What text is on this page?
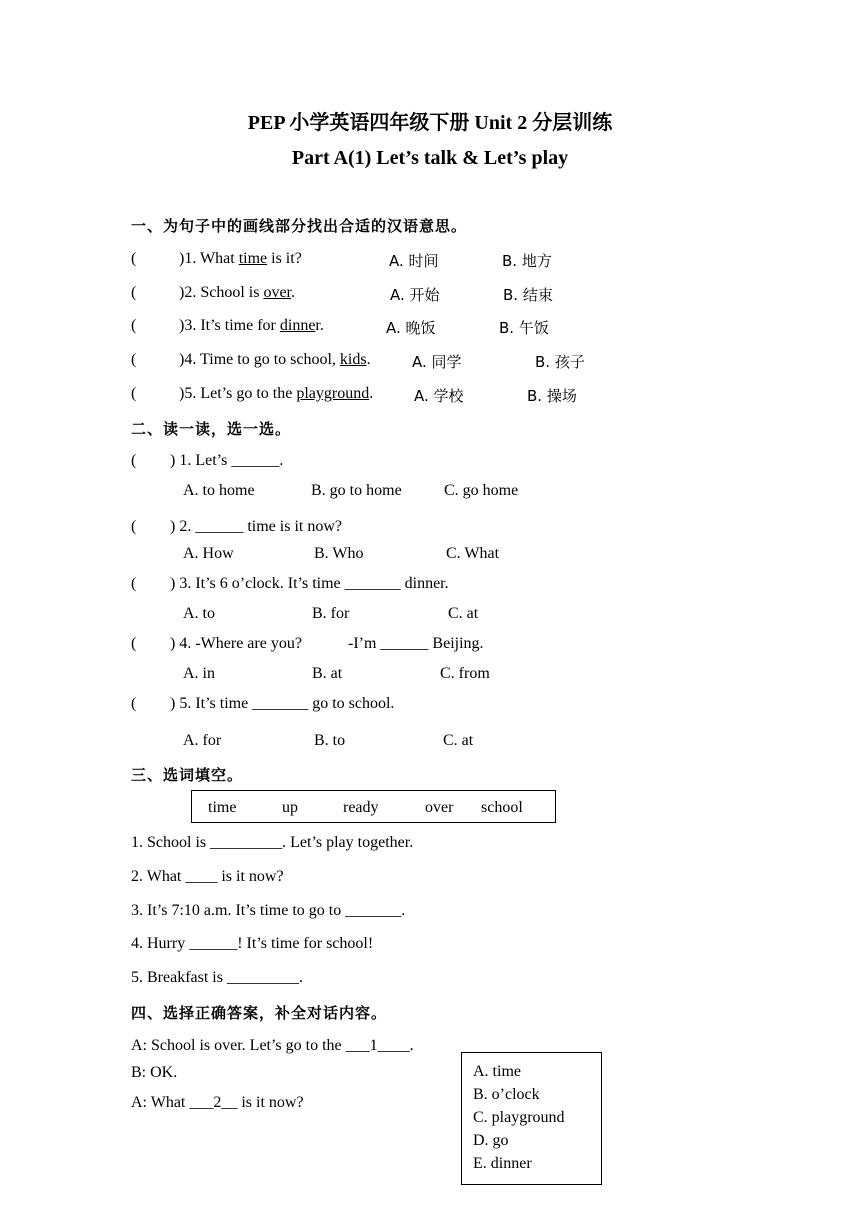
PEP 小学英语四年级下册 Unit 2 分层训练
Part A(1) Let’s talk & Let’s play
一、为句子中的画线部分找出合适的汉语意思。
(	)1. What time is it?	A. 时间	B. 地方
(	)2. School is over.	A. 开始	B. 结束
(	)3. It’s time for dinner.	A. 晚饭	B. 午饭
(	)4. Time to go to school, kids.	A. 同学	B. 孩子
(	)5. Let’s go to the playground.	A. 学校	B. 操场
二、读一读，选一选。
( ) 1. Let’s ______.
A. to home	B. go to home	C. go home
( ) 2. ______ time is it now?
A. How	B. Who	C. What
( ) 3. It’s 6 o’clock. It’s time _______ dinner.
A. to	B. for	C. at
( ) 4. -Where are you?	-I’m ______ Beijing.
A. in	B. at	C. from
( ) 5. It’s time _______ go to school.
A. for	B. to	C. at
三、选词填空。
time	up	ready	over school
1. School is _________. Let’s play together.
2. What ____ is it now?
3. It’s 7:10 a.m. It’s time to go to _______.
4. Hurry ______! It’s time for school!
5. Breakfast is _________.
四、选择正确答案，补全对话内容。
A: School is over. Let’s go to the ___1____.
B: OK.
A: What ___2__ is it now?
A. time
B. o’clock
C. playground
D. go
E. dinner
